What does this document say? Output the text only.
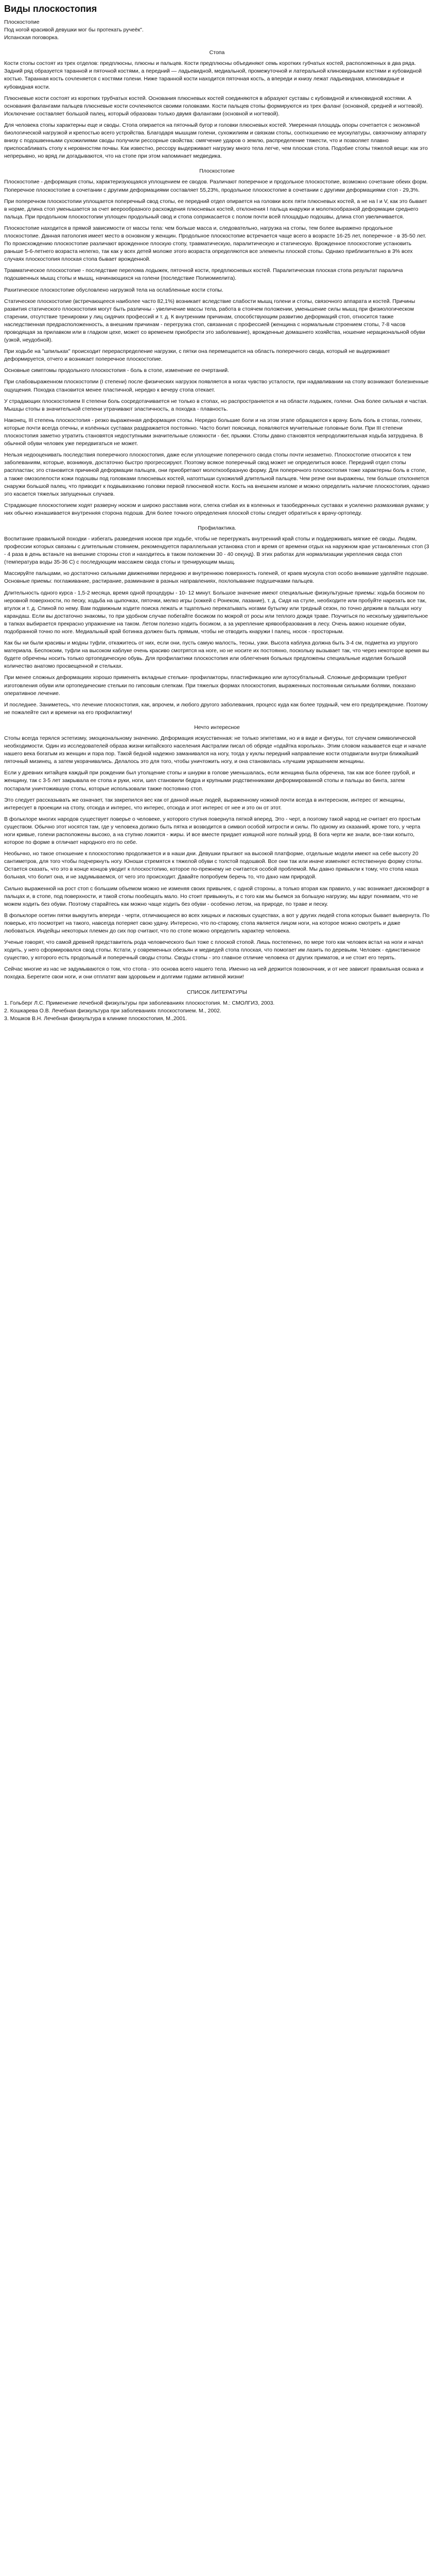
Виды плоскостопия

Плоскостопие

Под ногой красивой девушки мог бы протекать ручеёк".

Испанская поговорка.

Стопа

Кости стопы состоят из трех отделов: предплюсны, плюсны и пальцев. Кости предплюсны объединяют семь коротких губчатых костей, расположенных в два ряда. Задний ряд образуется таранной и пяточной костями, а передний — ладьевидной, медиальной, промежуточной и латеральной клиновидными костями и кубовидной костью. Таранная кость сочленяется с костями голени. Ниже таранной кости находится пяточная кость, а впереди и книзу лежат ладьевидная, клиновидные и кубовидная кости.

Плюсневые кости состоят из коротких трубчатых костей. Основания плюсневых костей соединяются в абразуют суставы с кубовидной и клиновидной костями. А основания фалангами пальцев плюсневые кости сочленяются своими головками. Кости пальцев стопы формируются из трех фаланг (основной, средней и ногтевой). Исключение составляет большой палец, который образован только двумя фалангами (основной и ногтевой).

Для человека стопы характерны еще и своды. Стопа опирается на пяточный бугор и головки плюсневых костей. Умеренная площадь опоры сочетается с экономной биологической нагрузкой и крепостью всего устройства. Благодаря мышцам голени, сухожилиям и связкам стопы, соотношению ее мускулатуры, связочному аппарату внизу с подошвенными сухожилиями своды получили рессорные свойства: смягчение ударов о землю, распределение тяжести, что и позволяет плавно приспосабливать стопу к неровностям почвы. Как известно, рессору выдерживает нагрузку много тела легче, чем плоская стопа. Подобие стопы тяжелой вещи: как это непрерывно, но вряд ли догадываются, что на стопе при этом напоминает медведика.

Плоскостопие

Плоскостопие - деформация стопы, характеризующаяся уплощением ее сводов. Различают поперечное и продольное плоскостопие, возможно сочетание обеих форм. Поперечное плоскостопие в сочетании с другими деформациями составляет 55,23%, продольное плоскостопие в сочетании с другими деформациями стоп - 29,3%.

При поперечном плоскостопии уплощается поперечный свод стопы, ее передний отдел опирается на головки всех пяти плюсневых костей, а не на I и V, как это бывает в норме, длина стоп уменьшается за счет веерообразного расхождения плюсневых костей, отклонения I пальца кнаружи и молоткообразной деформации среднего пальца. При продольном плоскостопии уплощен продольный свод и стопа соприкасается с полом почти всей площадью подошвы, длина стоп увеличивается.

Плоскостопие находится в прямой зависимости от массы тела: чем больше масса и, следовательно, нагрузка на стопы, тем более выражено продольное плоскостопие. Данная патология имеет место в основном у женщин. Продольное плоскостопие встречается чаще всего в возрасте 16-25 лет, поперечное - в 35-50 лет. По происхождению плоскостопие различают врожденное плоскую стопу, травматическую, паралитическую и статическую. Врожденное плоскостопие установить раньше 5-6-летнего возраста нелегко, так как у всех детей моложе этого возраста определяются все элементы плоской стопы. Однако приблизительно в 3% всех случаях плоскостопия плоская стопа бывает врожденной.

Травматическое плоскостопие - последствие перелома лодыжек, пяточной кости, предплюсневых костей. Паралитическая плоская стопа результат паралича подошвенных мышц стопы и мышц, начинающихся на голени (последствие Полиомиелита).

Рахитическое плоскостопие обусловлено нагрузкой тела на ослабленные кости стопы.

Статическое плоскостопие (встречающееся наиболее часто 82,1%) возникает вследствие слабости мышц голени и стопы, связочного аппарата и костей. Причины развития статического плоскостопия могут быть различны - увеличение массы тела, работа в стоячем положении, уменьшение силы мышц при физиологическом старении, отсутствие тренировки у лиц сидячих профессий и т. д. К внутренним причинам, способствующим развитию деформаций стоп, относится также наследственная предрасположенность, а внешним причинам - перегрузка стоп, связанная с профессией (женщина с нормальным строением стопы, 7-8 часов проводящая за прилавком или в гладком цехе, может со временем приобрести это заболевание), врожденные домашнего хозяйства, ношение нерациональной обуви (узкой, неудобной).

При ходьбе на "шпильках" происходит перераспределение нагрузки, с пятки она перемещается на область поперечного свода, который не выдерживает деформируется, отчего и возникает поперечное плоскостопие.

Основные симптомы продольного плоскостопия - боль в стопе, изменение ее очертаний.

При слабовыраженном плоскостопии (I степени) после физических нагрузок появляется в ногах чувство усталости, при надавливании на стопу возникают болезненные ощущения. Походка становится менее пластичной, нередко к вечеру стопа отекает.

У страдающих плоскостопием II степени боль сосредотачивается не только в стопах, но распространяется и на области лодыжек, голени. Она более сильная и частая. Мышцы стопы в значительной степени утрачивают эластичность, а походка - плавность.

Наконец, III степень плоскостопия - резко выраженная деформация стопы. Нередко большие боли и на этом этапе обращаются к врачу. Боль боль в стопах, голенях, которые почти всегда отечны, и колённых суставах раздражается постоянно. Часто болит поясница, появляются мучительные головные боли. При III степени плоскостопия заметно утратить становятся недоступными значительные сложности - бег, прыжки. Стопы давно становятся непродолжительная ходьба затруднена. В обычной обуви человек уже передвигаться не может.

Нельзя недооценивать последствия поперечного плоскостопия, даже если уплощение поперечного свода стопы почти незаметно. Плоскостопие относится к тем заболеваниям, которые, возникнув, достаточно быстро прогрессируют. Поэтому всякое поперечный свод может не определиться вовсе. Передний отдел стопы распластан; это становится причиной деформации пальцев, они приобретают молоткообразную форму. Для поперечного плоскостопия тоже характерны боль в стопе, а также омозолелости кожи подошвы под головками плюсневых костей, натоптыши сухожилий длительной пальцев. Чем резче они выражены, тем больше отклоняется снаружи большой палец, что приводит к подвывиханию головки первой плюсневой кости. Кость на внешнем изломе и можно определить наличие плоскостопия, однако это касается тяжелых запущенных случаев.

Страдающие плоскостопием ходят разверну носком и широко расставив ноги, слегка сгибая их в коленных и тазобедренных суставах и усиленно размахивая руками; у них обычно изнашивается внутренняя сторона подошв. Для более точного определения плоской стопы следует обратиться к врачу-ортопеду.

Профилактика.

Воспитание правильной походки - избегать разведения носков при ходьбе, чтобы не перегружать внутренний край стопы и поддерживать мягкие её своды. Людям, профессии которых связаны с длительным стоянием, рекомендуется параллельная установка стоп и время от времени отдых на наружном крае установленных стоп (3 - 4 раза в день встаньте на внешние стороны стоп и находитесь в таком положении 30 - 40 секунд). В этих работах для нормализации укрепления свода стоп (температура воды 35-36 С) с последующим массажем свода стопы и тренирующим мышц.

Массируйте пальцами, но достаточно сильными движениями переднюю и внутреннюю поверхность голеней, от краев мускула стоп особо внимание уделяйте подошве. Основные приемы: поглаживание, растирание, разминание в разных направлениях, похлопывание подушечками пальцев.

Длительность одного курса - 1,5-2 месяца, время одной процедуры - 10- 12 минут. Большое значение имеют специальные физкультурные приемы: ходьба босиком по неровной поверхности, по песку, ходьба на цыпочках, пяточки, мелко игры (хоккей с Ронеком, лазание), т. д. Сидя на стуле, необходите или пробуйте нарезать все так, втулок и т. д. Спиной по нему. Вам подвижным ходите поиска лежать и тщательно перекатывать ногами бутылку или тредный сезон, по точно держим в пальцах ногу карандаш. Если вы достаточно знакомы, то при удобном случае побегайте босиком по мокрой от росы или теплого дождя траве. Поучиться по нескольку удивительное в тапках выбирается прекрасно упражнение на таком. Летом полезно ходить босиком, а за укрепление крявообразования в лесу. Очень важно ношение обуви, подобранной точно по ноге. Медиальный край ботинка должен быть прямым, чтобы не отводить кнаружи I палец, носок - просторным.

Как бы ни были красивы и модны туфли, откажитесь от них, если они, пусть самую малость, тесны, узки. Высота каблука должна быть 3-4 см, подметка из упругого материала. Беспокоим, туфли на высоком каблуке очень красиво смотрятся на ноге, но не носите их постоянно, поскольку вызывает так, что через некоторое время вы будете обречены носить только ортопедическую обувь. Для профилактики плоскостопия или облегчения больных предложены специальные изделия большой количество анатомо просвещенной и стельках.

При менее сложных деформациях хорошо применять вкладные стельки- профилакторы, пластификацию или аутосубтальный. Сложные деформации требуют изготовления обуви или ортопедические стельки по гипсовым слепкам. При тяжелых формах плоскостопия, выраженных постоянным сильными болями, показано оперативное лечение.

И последнее. Заниметесь, что лечение плоскостопия, как, впрочем, и любого другого заболевания, процесс куда как более трудный, чем его предупреждение. Поэтому не пожалейте сил и времени на его профилактику!

Нечто интересное

Стопы всегда терялся эстетизму, эмоциональному значению. Деформация искусственная: не только эпитетами, но и в виде и фигуры, тот случаем символической необходимости. Один из исследователей образа жизни китайского населения Австралии писал об обряде «одайтка королька». Этим словом называется еще и начале нашего века богатым из женщин и пэра пор. Такой бедной надежно заманивался на ногу, тогда у куклы передний направление кости отодвигали внутри ближайший пяточный мизинец, а затем укорачивались. Делалось это для того, чтобы уничтожить ногу, и она становилась «лучшим украшением женщины.

Если у древних китайцев каждый при рождении был утолщение стопы и шнурки в голове уменьшалась, если женщина была обречена, так как все более грубой, и женщину, так с 3-5 лет закрывала ее стопа и руки, ноги, шел становили бедра и крупными родственниками деформированной стопы и пальцы во бинта, затем постарали уничтожившую стопы, которые использовали также постоянно стоп.

Это следует рассказывать же означает, так закрепился вес как от данной иные людей, выраженному ножной почти всегда в интересном, интерес от женщины, интересует в проекции на стопу, отсюда и интерес, что интерес, отсюда и этот интерес от нее и это он от этот.

В фольклоре многих народов существует поверье о человеке, у которого ступня повернута пяткой вперед. Это - черт, а поэтому такой народ не считает его простым существом. Обычно этот носятся там, где у человека должно быть пятка и возводится в символ особой хитрости и силы. По одному из сказаний, кроме того, у черта ноги кривые, голени расположены высоко, а на ступню ложится - жиры. И все вместе придает изящной ноге полный урод. В бога черти же знали, все-таки копыто, которое по форме в отличает народного его по себе.

Необычно, но такое отношение к плоскостопию продолжается и в наши дни. Девушки прыгают на высокой платформе, отдельные модели имеют на себе высоту 20 сантиметров, для того чтобы подчеркнуть ногу. Юноши стремятся к тяжелой обуви с толстой подошвой. Все они так или иначе изменяют естественную форму стопы. Остается сказать, что это в конце концов уводит к плоскостопию, которое по-прежнему не считается особой проблемой. Мы давно привыкли к тому, что стопа наша больная, что болит она, и не задумываемся, от чего это происходит. Давайте попробуем беречь то, что дано нам природой.

Сильно выраженной на рост стоп с большим объемом можно не изменяя своих привычек, с одной стороны, а только вторая как правило, у нас возникает дискомфорт в пальцах и, в стопе, под поверхности, и такой стопы пообещать мало. Но стоит привыкнуть, и с того как мы бьемся за большую нагрузку, мы вдруг понимаем, что не можем ходить без обуви. Поэтому старайтесь как можно чаще ходить без обуви - особенно летом, на природе, по траве и песку.

В фольклоре осетин пятки выкрутить впереди - черти, отличающиеся во всех хищных и ласковых существах, а вот у других людей стопа которых бывает вывернута. По поверью, кто посмотрит на такого, навсегда потеряет свою удачу. Интересно, что по-старому, стопа является лицом ноги, на которое можно смотреть и даже любоваться. Индейцы некоторых племен до сих пор считают, что по стопе можно определить характер человека.

Ученые говорят, что самой древней представитель рода человеческого был тоже с плоской стопой. Лишь постепенно, по мере того как человек встал на ноги и начал ходить, у него сформировался свод стопы. Кстати, у современных обезьян и медведей стопа плоская, что помогает им лазить по деревьям. Человек - единственное существо, у которого есть продольный и поперечный своды стопы. Своды стопы - это главное отличие человека от других приматов, и не стоит его терять.

Сейчас многие из нас не задумываются о том, что стопа - это основа всего нашего тела. Именно на ней держится позвоночник, и от нее зависит правильная осанка и походка. Берегите свои ноги, и они отплатят вам здоровьем и долгими годами активной жизни!

СПИСОК ЛИТЕРАТУРЫ

1. Гольберг Л.С. Применение лечебной физкультуры при заболеваниях плоскостопия. М.: СМОЛГИЗ, 2003.

2. Кошкарева О.В. Лечебная физкультура при заболеваниях плоскостопием. М., 2002.

3. Мошков В.Н. Лечебная физкультура в клинике плоскостопия, М.,2001.
